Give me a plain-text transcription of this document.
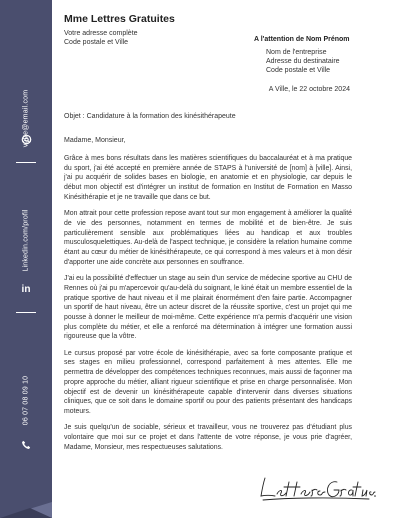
votre@email.com
Linkedin.com/profil
in
06 07 08 09 10
Mme Lettres Gratuites
Votre adresse complète
Code postale et Ville	A l'attention de Nom Prénom
Nom de l'entreprise
Adresse du destinataire
Code postale et Ville
A Ville, le 22 octobre 2024
Objet : Candidature à la formation des kinésithérapeute
Madame, Monsieur,

Grâce à mes bons résultats dans les matières scientifiques du baccalauréat et à ma pratique du sport, j'ai été accepté en première année de STAPS à l'université de [nom] à [ville]. Ainsi, j'ai pu acquérir de solides bases en biologie, en anatomie et en physiologie, car depuis le début mon objectif est d'intégrer un institut de formation en Institut de Formation en Masso Kinésithérapie et je ne travaille que dans ce but.

Mon attrait pour cette profession repose avant tout sur mon engagement à améliorer la qualité de vie des personnes, notamment en termes de mobilité et de bien-être. Je suis particulièrement sensible aux problématiques liées au handicap et aux troubles musculosquelettiques. Au-delà de l'aspect technique, je considère la relation humaine comme étant au cœur du métier de kinésithérapeute, ce qui correspond à mes valeurs et à mon désir d'apporter une aide concrète aux personnes en souffrance.

J'ai eu la possibilité d'effectuer un stage au sein d'un service de médecine sportive au CHU de Rennes où j'ai pu m'apercevoir qu'au-delà du soignant, le kiné était un membre essentiel de la pratique sportive de haut niveau et il me plairait énormément d'en faire partie. Accompagner un sportif de haut niveau, être un acteur discret de la réussite sportive, c'est un projet qui me pousse à donner le meilleur de moi-même. Cette expérience m'a permis d'acquérir une vision plus complète du métier, et elle a renforcé ma détermination à intégrer une formation aussi rigoureuse que la vôtre.

Le cursus proposé par votre école de kinésithérapie, avec sa forte composante pratique et ses stages en milieu professionnel, correspond parfaitement à mes attentes. Elle me permettra de développer des compétences techniques reconnues, mais aussi de façonner ma propre approche du métier, alliant rigueur scientifique et prise en charge personnalisée. Mon objectif est de devenir un kinésithérapeute capable d'intervenir dans diverses situations cliniques, que ce soit dans le domaine sportif ou pour des patients présentant des handicaps moteurs.

Je suis quelqu'un de sociable, sérieux et travailleur, vous ne trouverez pas d'étudiant plus volontaire que moi sur ce projet et dans l'attente de votre réponse, je vous prie d'agréer, Madame, Monsieur, mes respectueuses salutations.
